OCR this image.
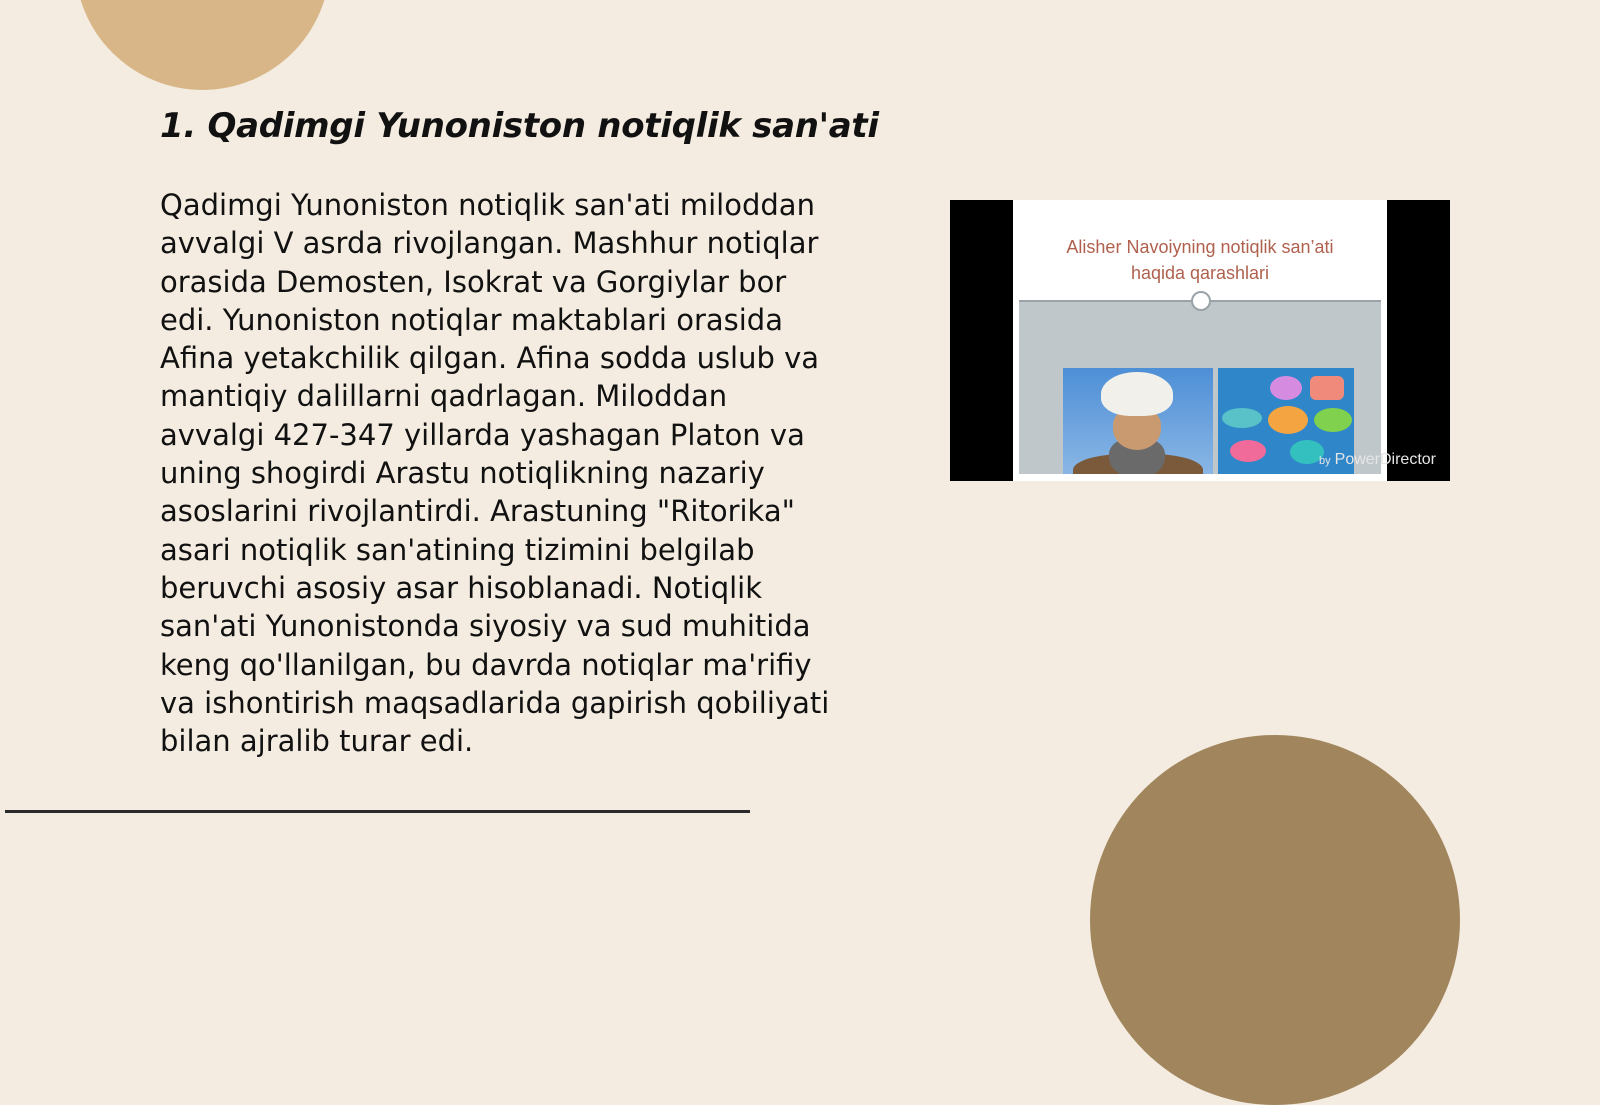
1. Qadimgi Yunoniston notiqlik san'ati

Qadimgi Yunoniston notiqlik san'ati miloddan avvalgi V asrda rivojlangan. Mashhur notiqlar orasida Demosten, Isokrat va Gorgiylar bor edi. Yunoniston notiqlar maktablari orasida Afina yetakchilik qilgan. Afina sodda uslub va mantiqiy dalillarni qadrlagan. Miloddan avvalgi 427-347 yillarda yashagan Platon va uning shogirdi Arastu notiqlikning nazariy asoslarini rivojlantirdi. Arastuning "Ritorika" asari notiqlik san'atining tizimini belgilab beruvchi asosiy asar hisoblanadi. Notiqlik san'ati Yunonistonda siyosiy va sud muhitida keng qo'llanilgan, bu davrda notiqlar ma'rifiy va ishontirish maqsadlarida gapirish qobiliyati bilan ajralib turar edi.

Alisher Navoiyning notiqlik san’ati
haqida qarashlari
by PowerDirector
